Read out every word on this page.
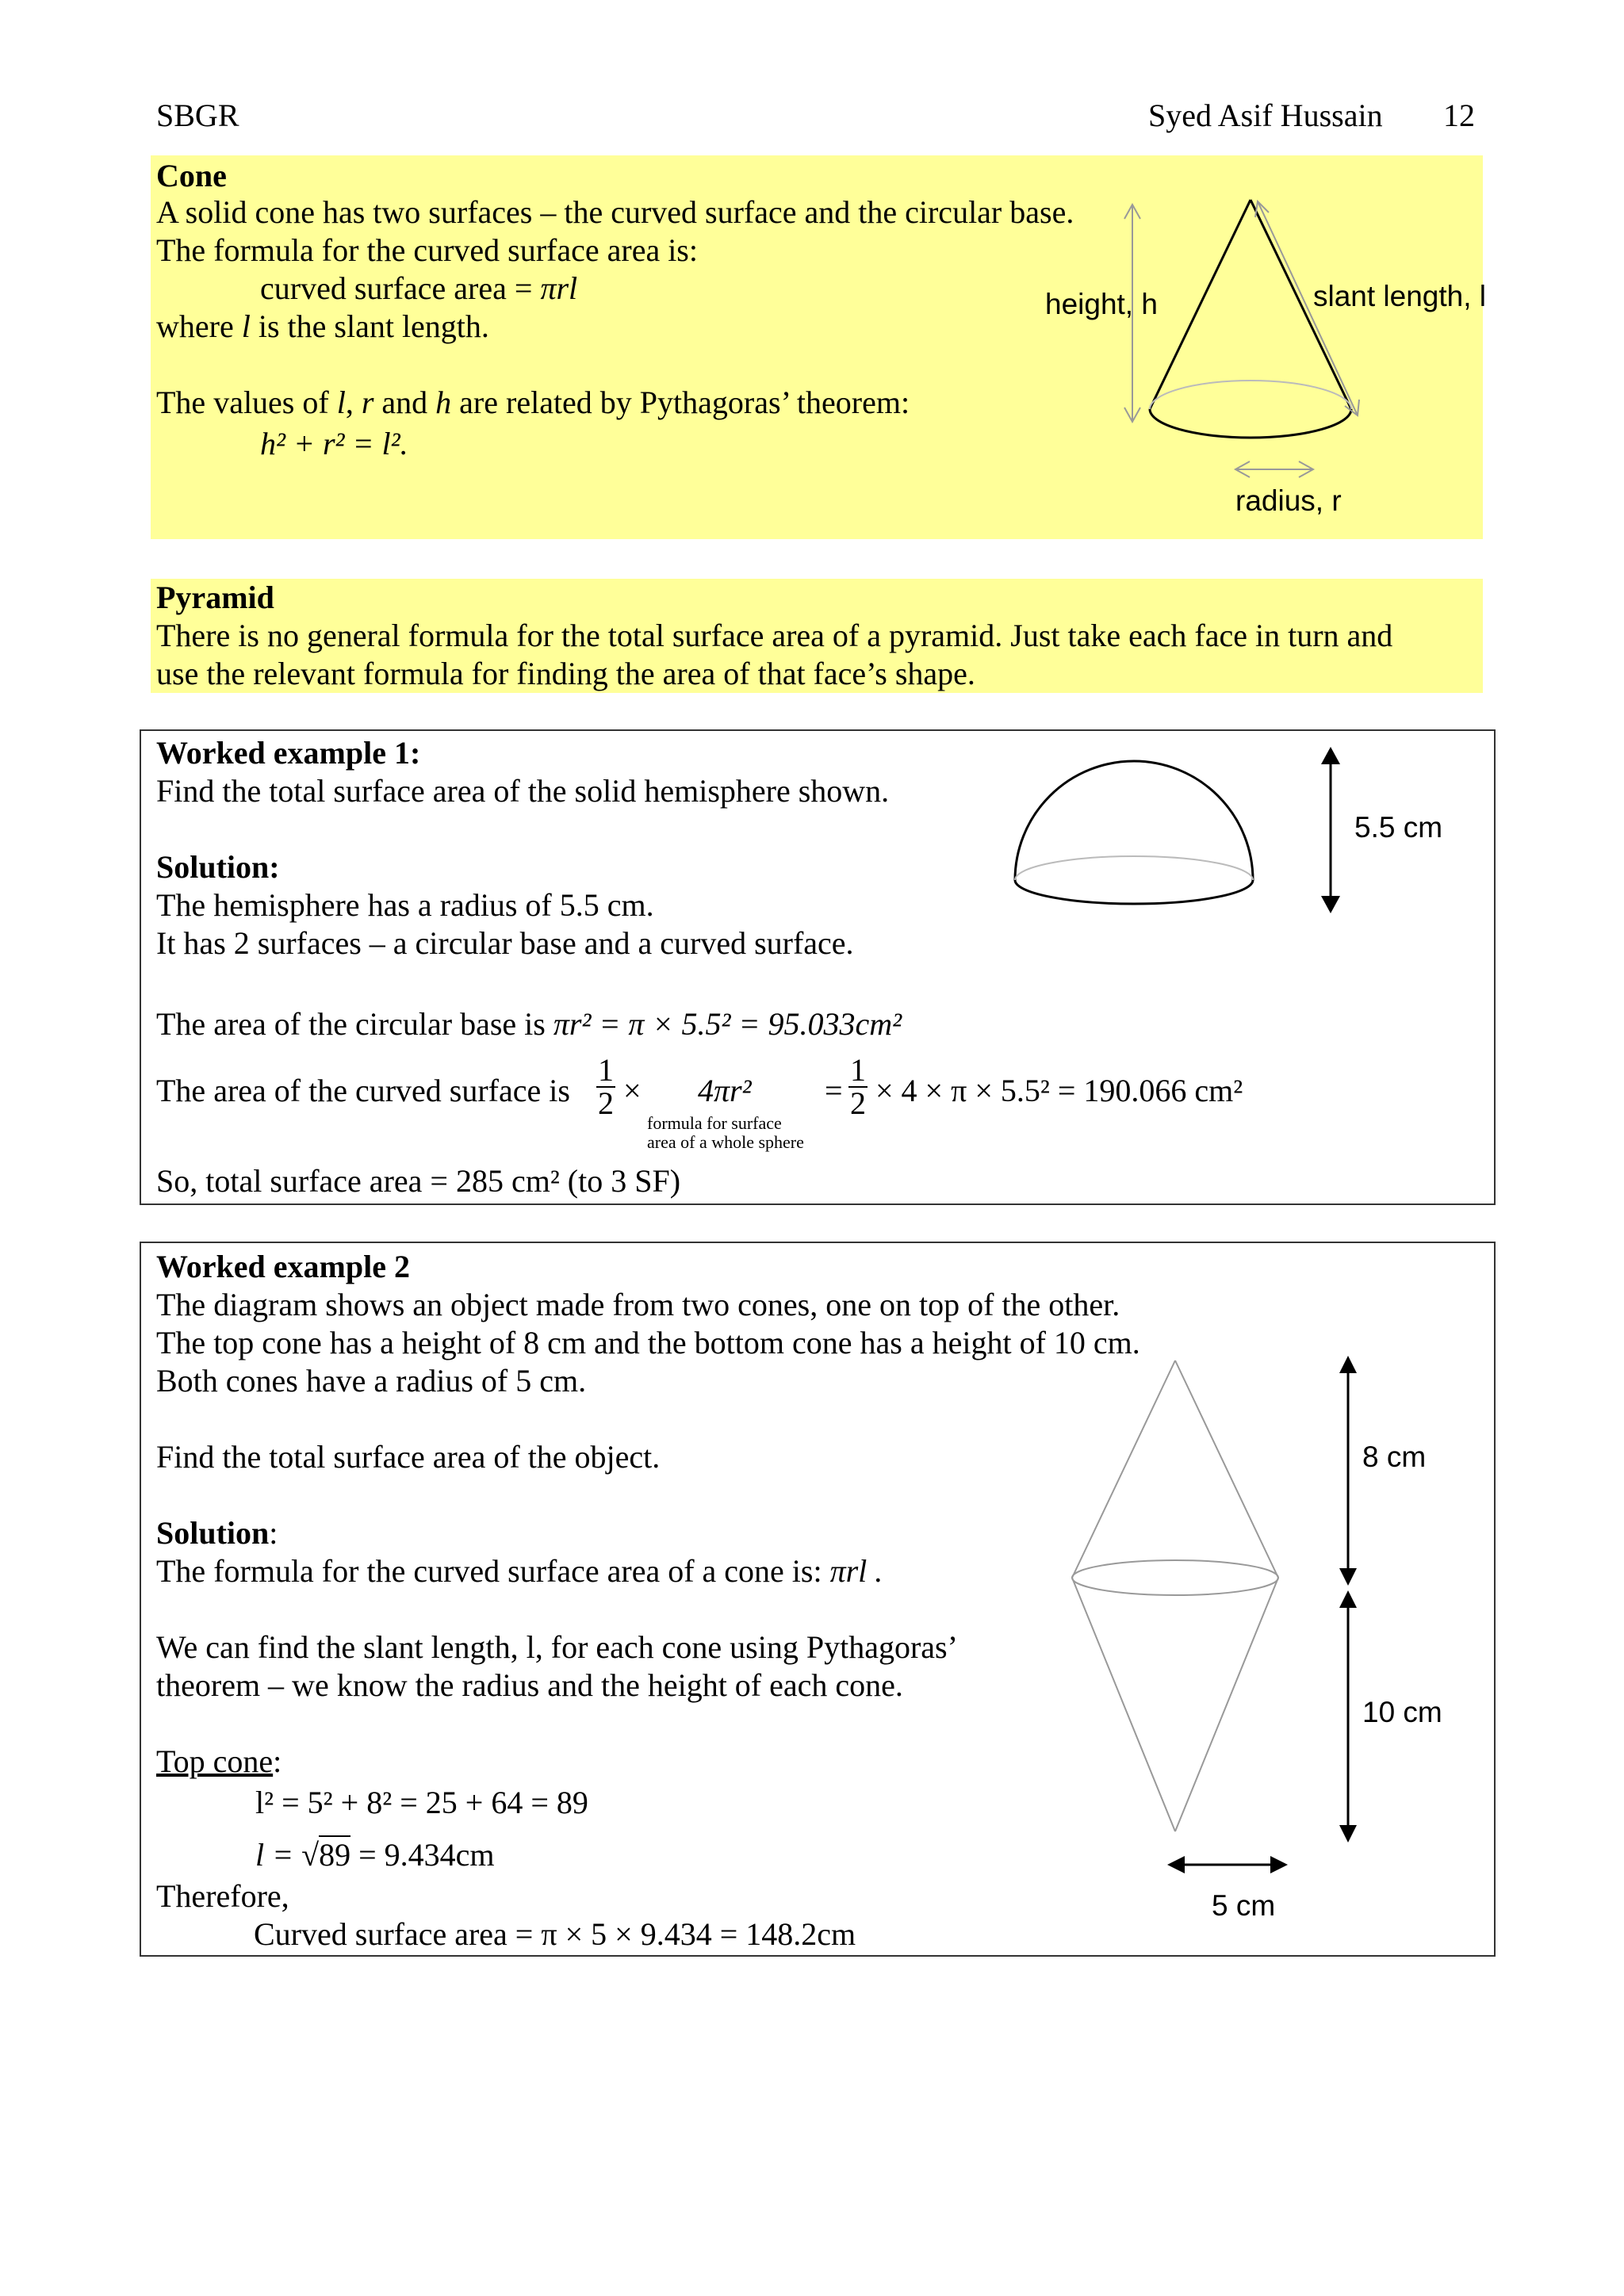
SBGR	Syed Asif Hussain 12
Cone
A solid cone has two surfaces – the curved surface and the circular base.
The formula for the curved surface area is:
curved surface area = πrl
where l is the slant length.
The values of l, r and h are related by Pythagoras’ theorem:
h² + r² = l².
height, h	slant length, l
radius, r
Pyramid
There is no general formula for the total surface area of a pyramid. Just take each face in turn and
use the relevant formula for finding the area of that face’s shape.
Worked example 1:
Find the total surface area of the solid hemisphere shown.
Solution:
The hemisphere has a radius of 5.5 cm.
It has 2 surfaces – a circular base and a curved surface.
The area of the circular base is πr² = π × 5.5² = 95.033cm²
The area of the curved surface is $\frac{1}{2} \times 4\pi r^2 = \frac{1}{2} \times 4 \times \pi \times 5.5^2 = 190.066$ cm²
formula for surface
area of a whole sphere
So, total surface area = 285 cm² (to 3 SF)
5.5 cm
Worked example 2
The diagram shows an object made from two cones, one on top of the other.
The top cone has a height of 8 cm and the bottom cone has a height of 10 cm.
Both cones have a radius of 5 cm.
Find the total surface area of the object.
Solution:
The formula for the curved surface area of a cone is: πrl .
We can find the slant length, l, for each cone using Pythagoras’
theorem – we know the radius and the height of each cone.
Top cone:
l² = 5² + 8² = 25 + 64 = 89
l = √89 = 9.434cm
Therefore,
Curved surface area = π × 5 × 9.434 = 148.2cm
8 cm
10 cm
5 cm
